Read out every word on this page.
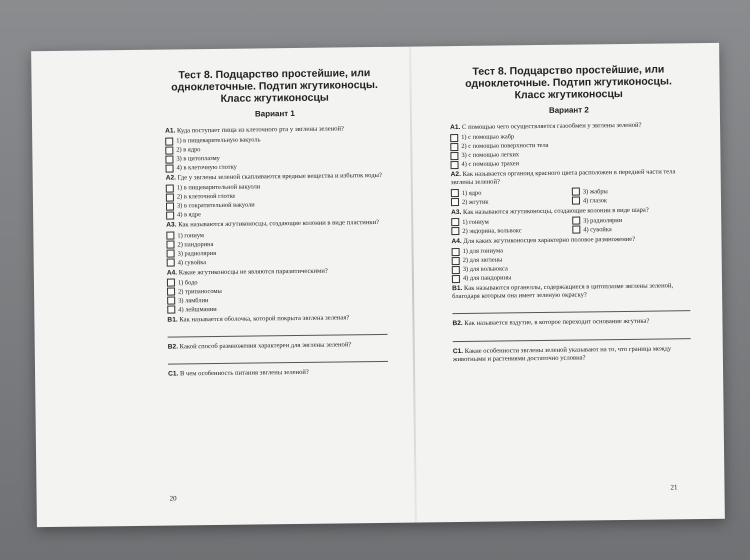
Тест 8. Подцарство простейшие, или одноклеточные. Подтип жгутиконосцы. Класс жгутиконосцы
Вариант 1
А1. Куда поступает пища из клеточного рта у эвглены зеленой?
1) в пищеварительную вакуоль
2) в ядро
3) в цитоплазму
4) в клеточную глотку
А2. Где у эвглены зеленой скапливаются вредные вещества и избыток воды?
1) в пищеварительной вакуоли
2) в клеточной глотке
3) в сократительной вакуоли
4) в ядре
А3. Как называются жгутиконосцы, создающие колонии в виде пластинки?
1) гониум
2) пандорина
3) радиолярия
4) сувойка
А4. Какие жгутиконосцы не являются паразитическими?
1) бодо
2) трипаносомы
3) лямблии
4) лейшмании
В1. Как называется оболочка, которой покрыта эвглена зеленая?
В2. Какой способ размножения характерен для эвглены зеленой?
С1. В чем особенность питания эвглены зеленой?
20
Тест 8. Подцарство простейшие, или одноклеточные. Подтип жгутиконосцы. Класс жгутиконосцы
Вариант 2
А1. С помощью чего осуществляется газообмен у эвглены зеленой?
1) с помощью жабр
2) с помощью поверхности тела
3) с помощью легких
4) с помощью трахеи
А2. Как называется органоид красного цвета расположен в передней части тела эвглены зеленой?
1) ядро	3) жабры
2) жгутик	4) глазок
А3. Как называются жгутиконосцы, создающие колонии в виде шара?
1) гониум	3) радиолярии
2) эвдорина, вольвокс	4) сувойка
А4. Для каких жгутиконосцев характерно половое размножение?
1) для гониума
2) для эвглены
3) для вольвокса
4) для пандорины
В1. Как называются органеллы, содержащиеся в цитоплазме эвглены зеленой, благодаря которым она имеет зеленую окраску?
В2. Как называется вздутие, в которое переходит основание жгутика?
С1. Какие особенности эвглены зеленой указывают на то, что граница между животными и растениями достаточно условна?
21
